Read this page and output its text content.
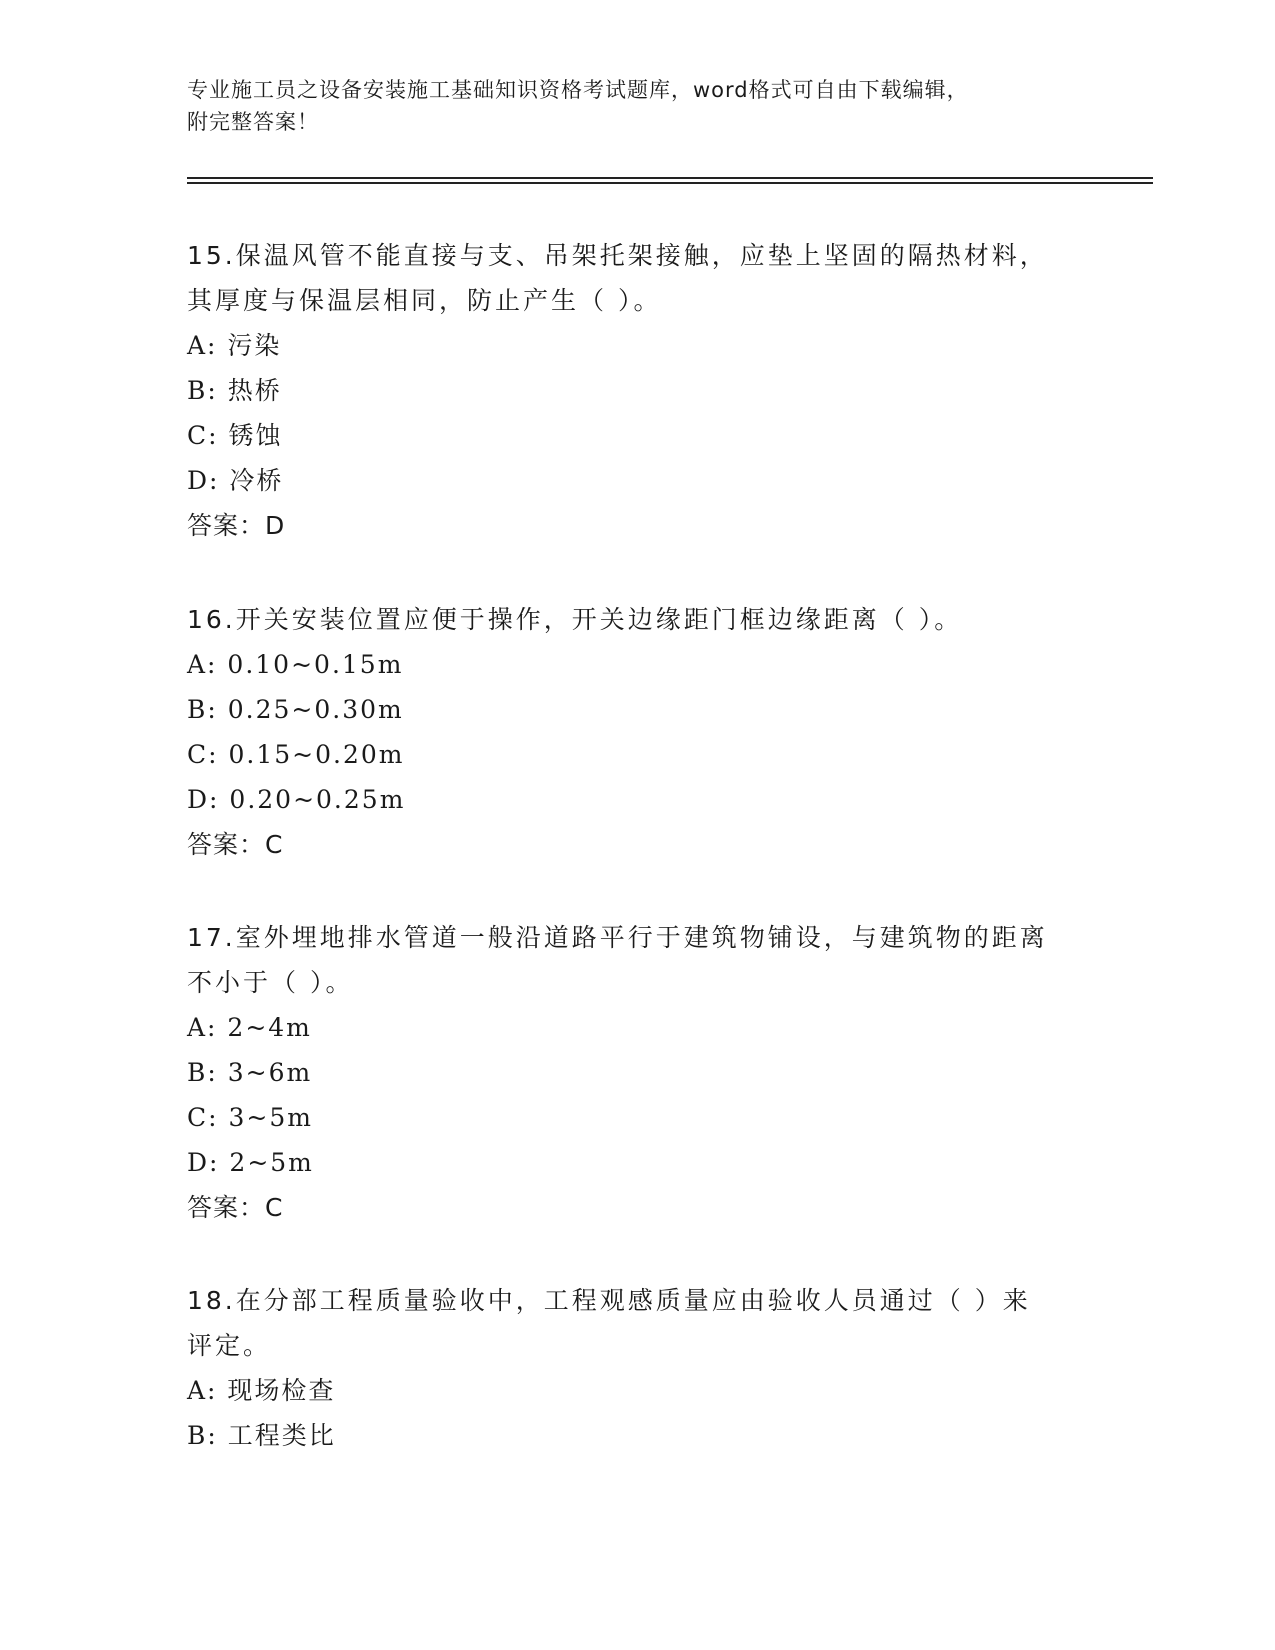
专业施工员之设备安装施工基础知识资格考试题库，word格式可自由下载编辑，
附完整答案！
15.保温风管不能直接与支、吊架托架接触，应垫上坚固的隔热材料，
其厚度与保温层相同，防止产生（ ）。
A: 污染
B: 热桥
C: 锈蚀
D: 冷桥
答案：D
16.开关安装位置应便于操作，开关边缘距门框边缘距离（ ）。
A: 0.10~0.15m
B: 0.25~0.30m
C: 0.15~0.20m
D: 0.20~0.25m
答案：C
17.室外埋地排水管道一般沿道路平行于建筑物铺设，与建筑物的距离
不小于（ ）。
A: 2~4m
B: 3~6m
C: 3~5m
D: 2~5m
答案：C
18.在分部工程质量验收中，工程观感质量应由验收人员通过（ ）来
评定。
A: 现场检查
B: 工程类比
